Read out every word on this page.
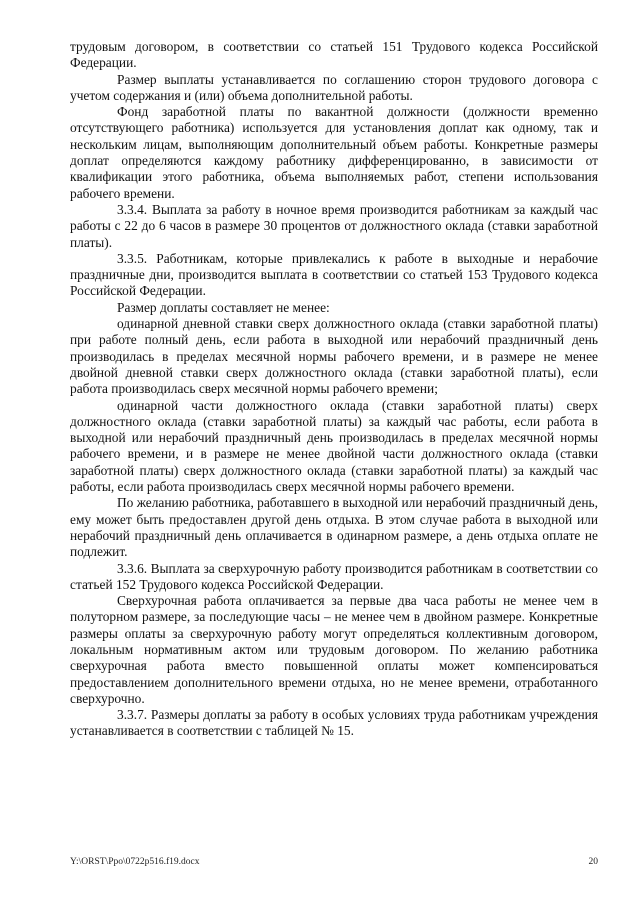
трудовым договором, в соответствии со статьей 151 Трудового кодекса Российской Федерации.

Размер выплаты устанавливается по соглашению сторон трудового договора с учетом содержания и (или) объема дополнительной работы.

Фонд заработной платы по вакантной должности (должности временно отсутствующего работника) используется для установления доплат как одному, так и нескольким лицам, выполняющим дополнительный объем работы. Конкретные размеры доплат определяются каждому работнику дифференцированно, в зависимости от квалификации этого работника, объема выполняемых работ, степени использования рабочего времени.

3.3.4. Выплата за работу в ночное время производится работникам за каждый час работы с 22 до 6 часов в размере 30 процентов от должностного оклада (ставки заработной платы).

3.3.5. Работникам, которые привлекались к работе в выходные и нерабочие праздничные дни, производится выплата в соответствии со статьей 153 Трудового кодекса Российской Федерации.

Размер доплаты составляет не менее:

одинарной дневной ставки сверх должностного оклада (ставки заработной платы) при работе полный день, если работа в выходной или нерабочий праздничный день производилась в пределах месячной нормы рабочего времени, и в размере не менее двойной дневной ставки сверх должностного оклада (ставки заработной платы), если работа производилась сверх месячной нормы рабочего времени;

одинарной части должностного оклада (ставки заработной платы) сверх должностного оклада (ставки заработной платы) за каждый час работы, если работа в выходной или нерабочий праздничный день производилась в пределах месячной нормы рабочего времени, и в размере не менее двойной части должностного оклада (ставки заработной платы) сверх должностного оклада (ставки заработной платы) за каждый час работы, если работа производилась сверх месячной нормы рабочего времени.

По желанию работника, работавшего в выходной или нерабочий праздничный день, ему может быть предоставлен другой день отдыха. В этом случае работа в выходной или нерабочий праздничный день оплачивается в одинарном размере, а день отдыха оплате не подлежит.

3.3.6. Выплата за сверхурочную работу производится работникам в соответствии со статьей 152 Трудового кодекса Российской Федерации.

Сверхурочная работа оплачивается за первые два часа работы не менее чем в полуторном размере, за последующие часы – не менее чем в двойном размере. Конкретные размеры оплаты за сверхурочную работу могут определяться коллективным договором, локальным нормативным актом или трудовым договором. По желанию работника сверхурочная работа вместо повышенной оплаты может компенсироваться предоставлением дополнительного времени отдыха, но не менее времени, отработанного сверхурочно.

3.3.7. Размеры доплаты за работу в особых условиях труда работникам учреждения устанавливается в соответствии с таблицей № 15.

Y:\ORST\Ppo\0722p516.f19.docx	20
